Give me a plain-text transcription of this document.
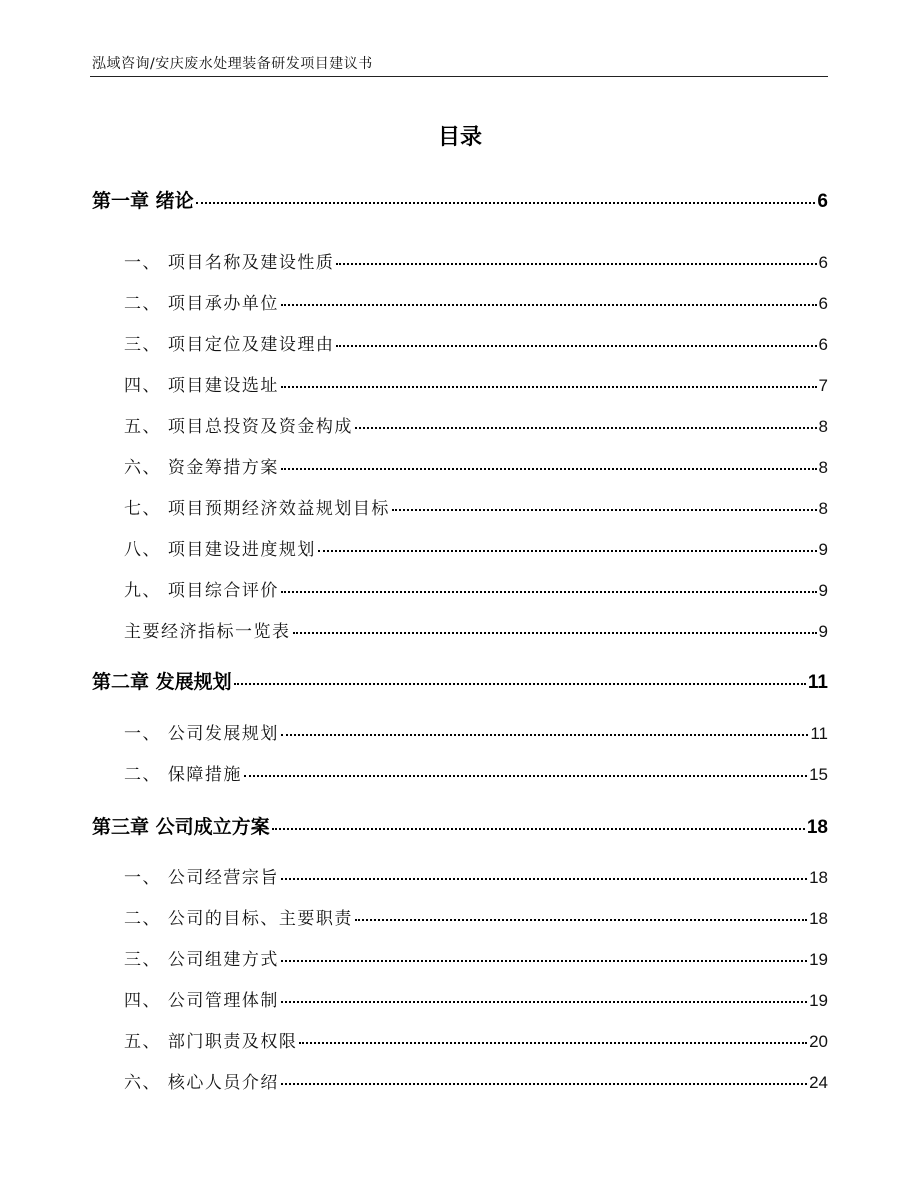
泓域咨询/安庆废水处理装备研发项目建议书
目录
第一章 绪论	6
一、 项目名称及建设性质	6
二、 项目承办单位	6
三、 项目定位及建设理由	6
四、 项目建设选址	7
五、 项目总投资及资金构成	8
六、 资金筹措方案	8
七、 项目预期经济效益规划目标	8
八、 项目建设进度规划	9
九、 项目综合评价	9
主要经济指标一览表	9
第二章 发展规划	11
一、 公司发展规划	11
二、 保障措施	15
第三章 公司成立方案	18
一、 公司经营宗旨	18
二、 公司的目标、主要职责	18
三、 公司组建方式	19
四、 公司管理体制	19
五、 部门职责及权限	20
六、 核心人员介绍	24
